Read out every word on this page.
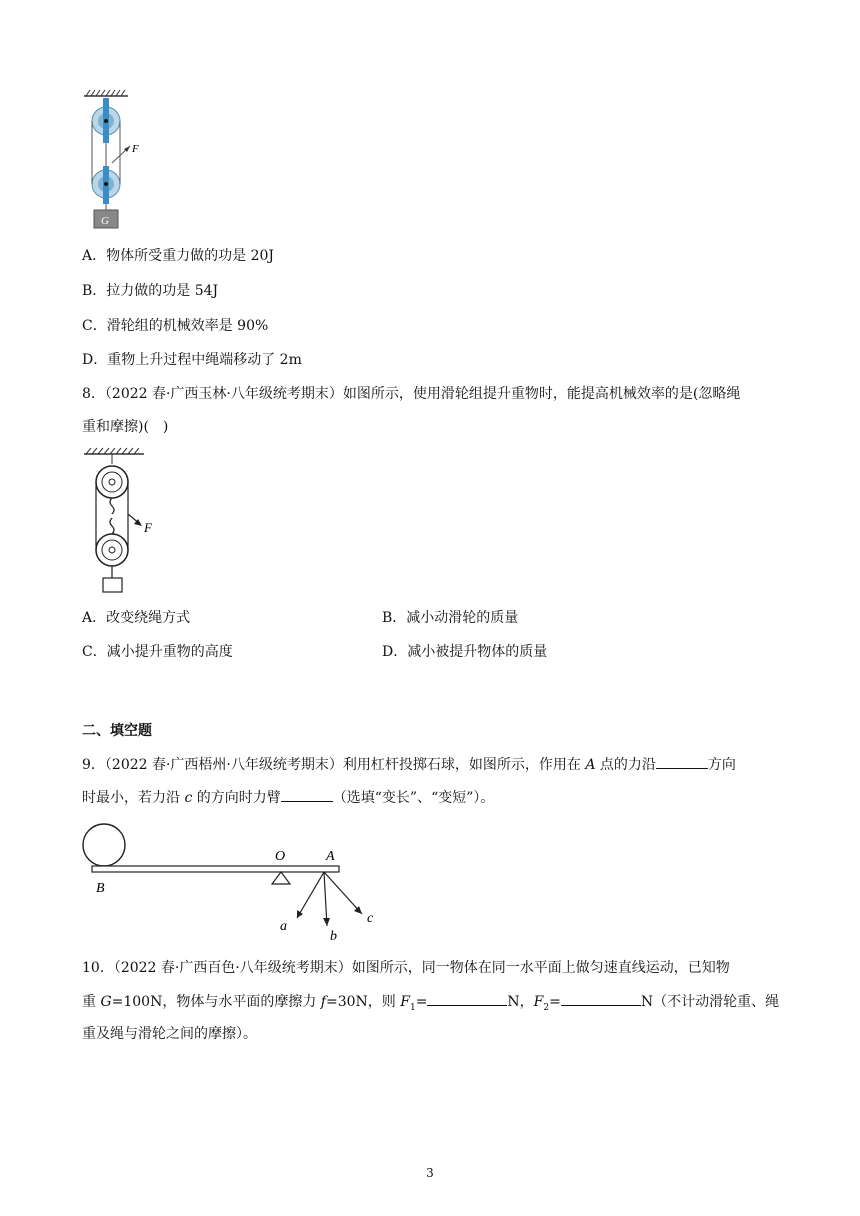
F
G
A．物体所受重力做的功是 20J
B．拉力做的功是 54J
C．滑轮组的机械效率是 90%
D．重物上升过程中绳端移动了 2m
8．（2022 春·广西玉林·八年级统考期末）如图所示，使用滑轮组提升重物时，能提高机械效率的是(忽略绳
重和摩擦)(　)
F
A．改变绕绳方式	B．减小动滑轮的质量
C．减小提升重物的高度	D．减小被提升物体的质量
二、填空题
9．（2022 春·广西梧州·八年级统考期末）利用杠杆投掷石球，如图所示，作用在 A 点的力沿	方向
时最小，若力沿 c 的方向时力臂	（选填“变长”、“变短”）。
B
O	A
a
b
c
10．（2022 春·广西百色·八年级统考期末）如图所示，同一物体在同一水平面上做匀速直线运动，已知物
重 G=100N，物体与水平面的摩擦力 f=30N，则 $F_1=$	N，$F_2=$	N（不计动滑轮重、绳
重及绳与滑轮之间的摩擦）。
3
